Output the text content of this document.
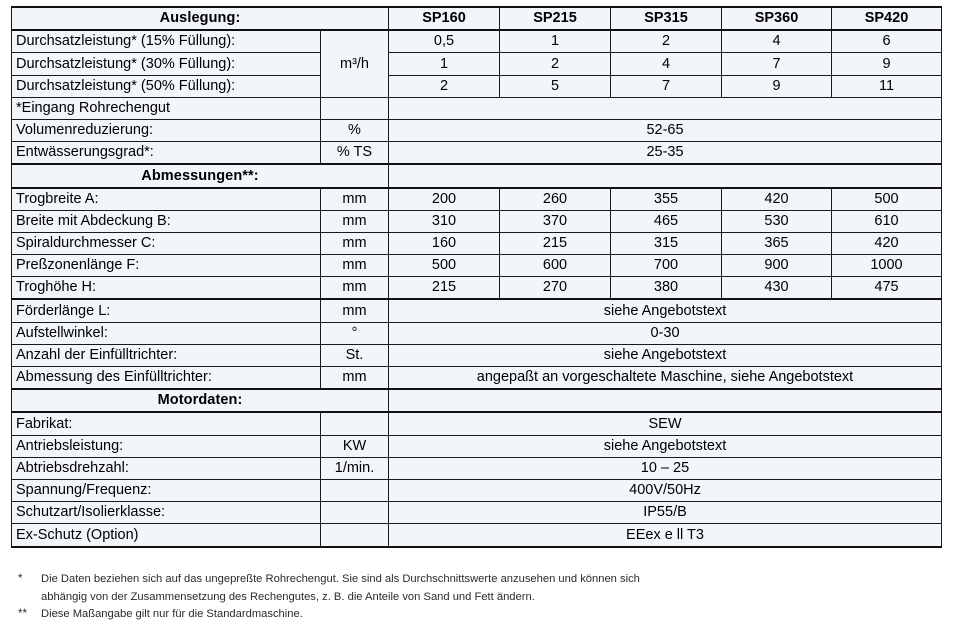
Auslegung:		SP160	SP215	SP315	SP360	SP420
Durchsatzleistung* (15% Füllung):	m³/h	0,5	1	2	4	6
Durchsatzleistung* (30% Füllung):		1	2	4	7	9
Durchsatzleistung* (50% Füllung):		2	5	7	9	11
*Eingang Rohrechengut						
Volumenreduzierung:	%	52-65				
Entwässerungsgrad*:	% TS	25-35				
Abmessungen**:						
Trogbreite A:	mm	200	260	355	420	500
Breite mit Abdeckung B:	mm	310	370	465	530	610
Spiraldurchmesser C:	mm	160	215	315	365	420
Preßzonenlänge F:	mm	500	600	700	900	1000
Troghöhe H:	mm	215	270	380	430	475
Förderlänge L:	mm	siehe Angebotstext				
Aufstellwinkel:	°	0-30				
Anzahl der Einfülltrichter:	St.	siehe Angebotstext				
Abmessung des Einfülltrichter:	mm	angepaßt an vorgeschaltete Maschine, siehe Angebotstext				
Motordaten:						
Fabrikat:		SEW				
Antriebsleistung:	KW	siehe Angebotstext				
Abtriebsdrehzahl:	1/min.	10 – 25				
Spannung/Frequenz:		400V/50Hz				
Schutzart/Isolierklasse:		IP55/B				
Ex-Schutz (Option)		EEex e ll T3				
*	Die Daten beziehen sich auf das ungepreßte Rohrechengut. Sie sind als Durchschnittswerte anzusehen und können sich
abhängig von der Zusammensetzung des Rechengutes, z. B. die Anteile von Sand und Fett ändern.
**	Diese Maßangabe gilt nur für die Standardmaschine.
